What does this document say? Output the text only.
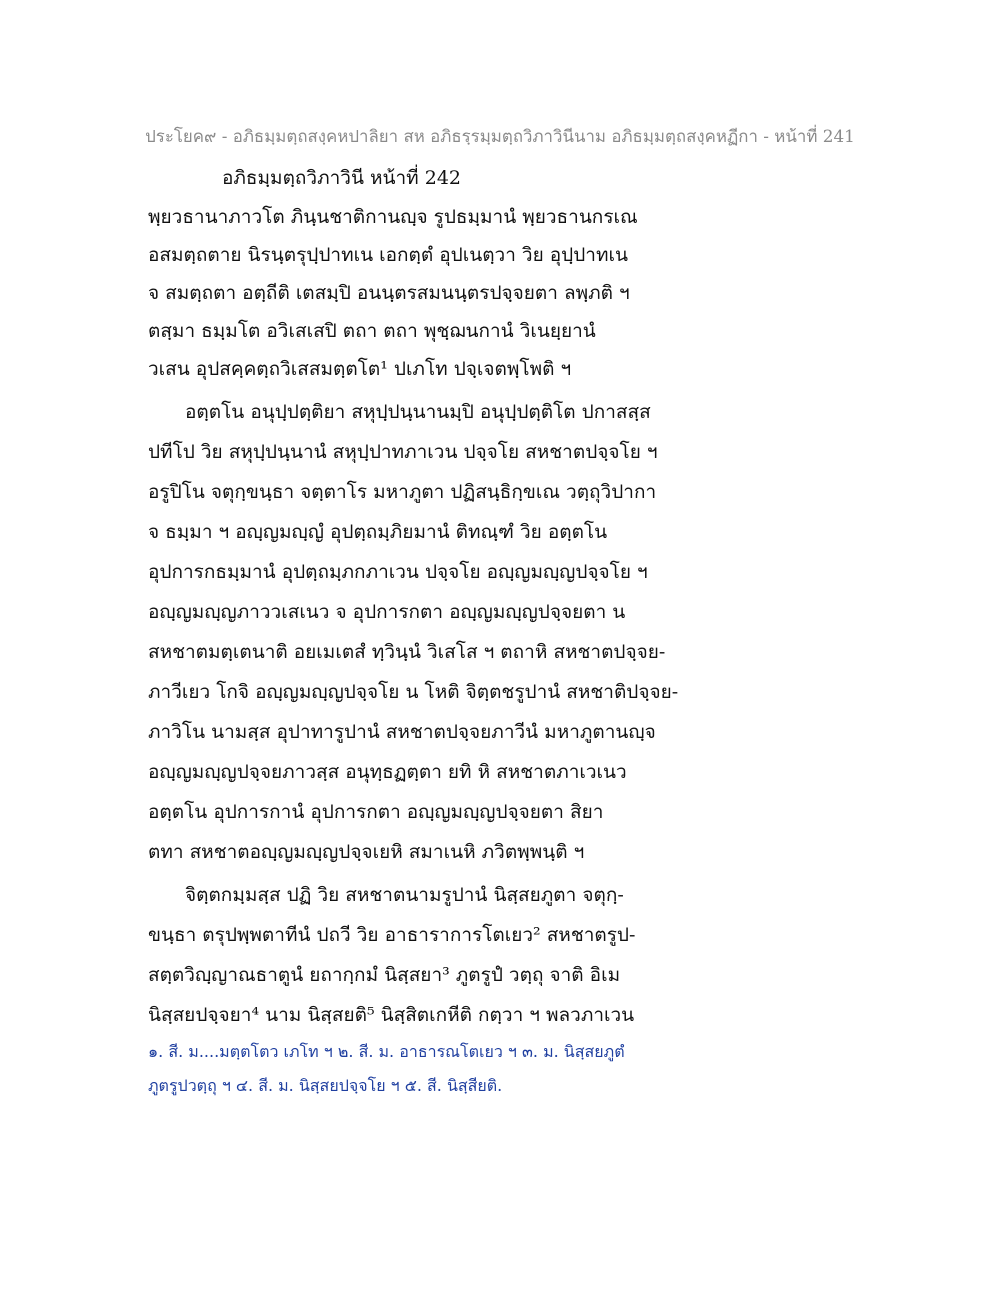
ประโยค๙ - อภิธมฺมตฺถสงฺคหปาลิยา สห อภิธรฺรมฺมตฺถวิภาวินีนาม อภิธมฺมตฺถสงฺคหฏีกา - หน้าที่ 241
อภิธมฺมตฺถวิภาวินี หน้าที่ 242
พฺยวธานาภาวโต ภินฺนชาติกานญฺจ รูปธมฺมานํ พฺยวธานกรเณ
อสมตฺถตาย นิรนฺตรุปฺปาทเน เอกตฺตํ อุปเนตฺวา วิย อุปฺปาทเน
จ สมตฺถตา อตฺถีติ เตสมฺปิ อนนฺตรสมนนฺตรปจฺจยตา ลพฺภติ ฯ
ตสฺมา ธมฺมโต อวิเสเสปิ ตถา ตถา พุชฺฌนกานํ วิเนยฺยานํ
วเสน อุปสคฺคตฺถวิเสสมตฺตโต¹ ปเภโท ปจฺเจตพฺโพติ ฯ
อตฺตโน อนุปฺปตฺติยา สหุปฺปนฺนานมฺปิ อนุปฺปตฺติโต ปกาสสฺส
ปทีโป วิย สหุปฺปนฺนานํ สหุปฺปาทภาเวน ปจฺจโย สหชาตปจฺจโย ฯ
อรูปิโน จตุกฺขนฺธา จตฺตาโร มหาภูตา ปฏิสนฺธิกฺขเณ วตฺถุวิปากา
จ ธมฺมา ฯ อญฺญมญฺญํ อุปตฺถมฺภิยมานํ ติทณฺฑํ วิย อตฺตโน
อุปการกธมฺมานํ อุปตฺถมฺภกภาเวน ปจฺจโย อญฺญมญฺญปจฺจโย ฯ
อญฺญมญฺญภาววเสเนว จ อุปการกตา อญฺญมญฺญปจฺจยตา น
สหชาตมตฺเตนาติ อยเมเตสํ ทฺวินฺนํ วิเสโส ฯ ตถาหิ สหชาตปจฺจย-
ภาวีเยว โกจิ อญฺญมญฺญปจฺจโย น โหติ จิตฺตชรูปานํ สหชาติปจฺจย-
ภาวิโน นามสฺส อุปาทารูปานํ สหชาตปจฺจยภาวีนํ มหาภูตานญฺจ
อญฺญมญฺญปจฺจยภาวสฺส อนุทฺธฏตฺตา ยทิ หิ สหชาตภาเวเนว
อตฺตโน อุปการกานํ อุปการกตา อญฺญมญฺญปจฺจยตา สิยา
ตทา สหชาตอญฺญมญฺญปจฺจเยหิ สมาเนหิ ภวิตพฺพนฺติ ฯ
จิตฺตกมฺมสฺส ปฏิ วิย สหชาตนามรูปานํ นิสฺสยภูตา จตุกฺ-
ขนฺธา ตรุปพฺพตาทีนํ ปถวี วิย อาธาราการโตเยว² สหชาตรูป-
สตฺตวิญฺญาณธาตูนํ ยถากฺกมํ นิสฺสยา³ ภูตรูปํ วตฺถุ จาติ อิเม
นิสฺสยปจฺจยา⁴ นาม นิสฺสยติ⁵ นิสฺสิตเกหีติ กตฺวา ฯ พลวภาเวน
๑. สี. ม....มตฺตโตว เภโท ฯ ๒. สี. ม. อาธารณโตเยว ฯ ๓. ม. นิสฺสยภูตํ
ภูตรูปวตฺถุ ฯ ๔. สี. ม. นิสฺสยปจฺจโย ฯ ๕. สี. นิสฺสียติ.
